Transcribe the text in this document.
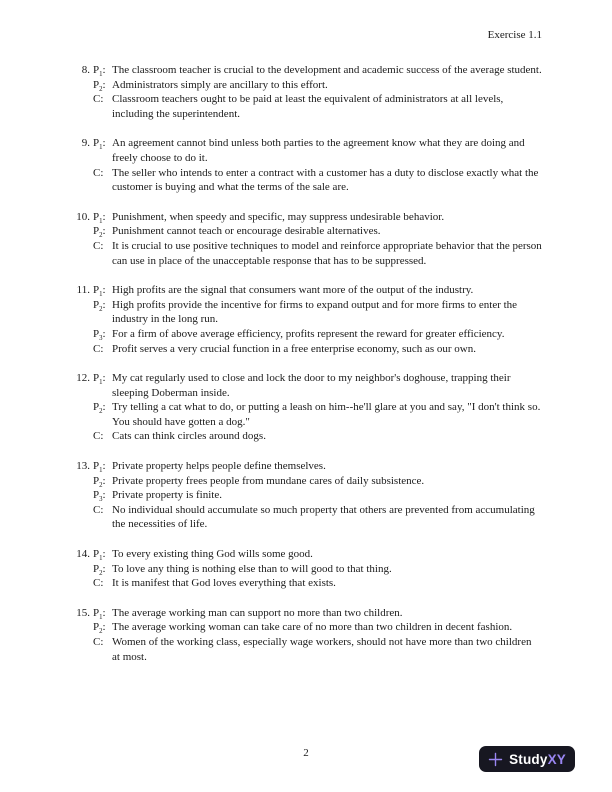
Exercise 1.1
8. $P_1$: The classroom teacher is crucial to the development and academic success of the average student.
$P_2$: Administrators simply are ancillary to this effort.
C: Classroom teachers ought to be paid at least the equivalent of administrators at all levels, including the superintendent.
9. $P_1$: An agreement cannot bind unless both parties to the agreement know what they are doing and freely choose to do it.
C: The seller who intends to enter a contract with a customer has a duty to disclose exactly what the customer is buying and what the terms of the sale are.
10. $P_1$: Punishment, when speedy and specific, may suppress undesirable behavior.
$P_2$: Punishment cannot teach or encourage desirable alternatives.
C: It is crucial to use positive techniques to model and reinforce appropriate behavior that the person can use in place of the unacceptable response that has to be suppressed.
11. $P_1$: High profits are the signal that consumers want more of the output of the industry.
$P_2$: High profits provide the incentive for firms to expand output and for more firms to enter the industry in the long run.
$P_3$: For a firm of above average efficiency, profits represent the reward for greater efficiency.
C: Profit serves a very crucial function in a free enterprise economy, such as our own.
12. $P_1$: My cat regularly used to close and lock the door to my neighbor's doghouse, trapping their sleeping Doberman inside.
$P_2$: Try telling a cat what to do, or putting a leash on him--he'll glare at you and say, "I don't think so. You should have gotten a dog."
C: Cats can think circles around dogs.
13. $P_1$: Private property helps people define themselves.
$P_2$: Private property frees people from mundane cares of daily subsistence.
$P_3$: Private property is finite.
C: No individual should accumulate so much property that others are prevented from accumulating the necessities of life.
14. $P_1$: To every existing thing God wills some good.
$P_2$: To love any thing is nothing else than to will good to that thing.
C: It is manifest that God loves everything that exists.
15. $P_1$: The average working man can support no more than two children.
$P_2$: The average working woman can take care of no more than two children in decent fashion.
C: Women of the working class, especially wage workers, should not have more than two children at most.
2	StudyXY
